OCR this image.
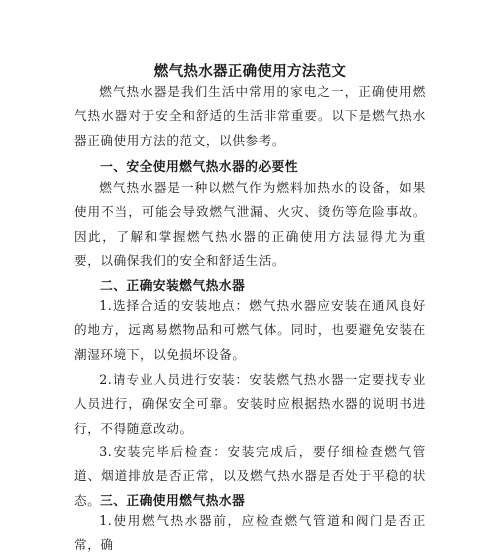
燃气热水器正确使用方法范文
燃气热水器是我们生活中常用的家电之一，正确使用燃气热水器对于安全和舒适的生活非常重要。以下是燃气热水器正确使用方法的范文，以供参考。
一、安全使用燃气热水器的必要性
燃气热水器是一种以燃气作为燃料加热水的设备，如果使用不当，可能会导致燃气泄漏、火灾、烫伤等危险事故。因此，了解和掌握燃气热水器的正确使用方法显得尤为重要，以确保我们的安全和舒适生活。
二、正确安装燃气热水器
1.选择合适的安装地点：燃气热水器应安装在通风良好的地方，远离易燃物品和可燃气体。同时，也要避免安装在潮湿环境下，以免损坏设备。
2.请专业人员进行安装：安装燃气热水器一定要找专业人员进行，确保安全可靠。安装时应根据热水器的说明书进行，不得随意改动。
3.安装完毕后检查：安装完成后，要仔细检查燃气管道、烟道排放是否正常，以及燃气热水器是否处于平稳的状态。 三、正确使用燃气热水器
1.使用燃气热水器前，应检查燃气管道和阀门是否正常，确
